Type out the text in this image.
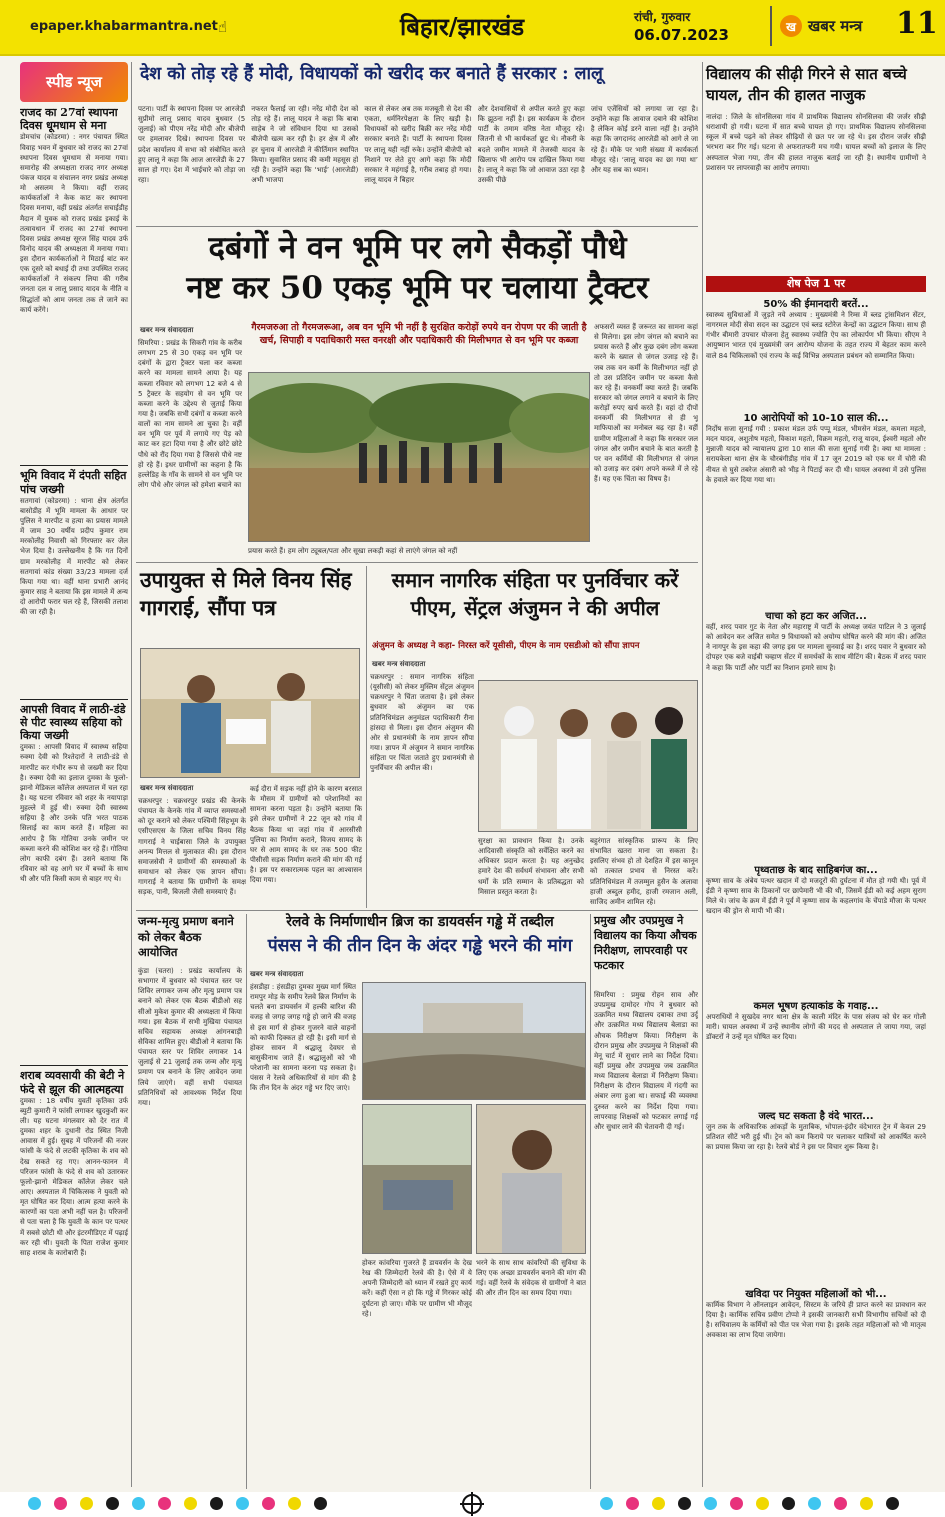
epaper.khabarmantra.net ☝	बिहार/झारखंड	रांची, गुरुवार
06.07.2023	ख खबर मन्त्र 11
स्पीड न्यूज
राजद का 27वां स्थापना दिवस धूमधाम से मना
डोमचांच (कोडरमा) : नगर पंचायत स्थित विवाह भवन में बुधवार को राजद का 27वां स्थापना दिवस धूमधाम से मनाया गया। समारोह की अध्यक्षता राजद नगर अध्यक्ष पंकज यादव व संचालन नगर प्रखंड अध्यक्ष मो असलम ने किया। वहीं राजद कार्यकर्ताओं ने केक काट कर स्थापना दिवस मनाया, वहीं प्रखंड अंतर्गत सचाईडीह मैदान में युवक को राजद प्रखंड इकाई के तत्वावधान में राजद का 27वां स्थापना दिवस प्रखंड अध्यक्ष सूरज सिंह यादव उर्फ विनोद यादव की अध्यक्षता में मनाया गया। इस दौरान कार्यकर्ताओं ने मिठाई बांट कर एक दूसरे को बधाई दी तथा उपस्थित राजद कार्यकर्ताओं ने संकल्प लिया की गरीब जनता दल व लालू प्रसाद यादव के नीति व सिद्धांतों को आम जनता तक ले जाने का कार्य करेंगे।
भूमि विवाद में दंपती सहित पांच जख्मी
सतगावां (कोडरमा) : थाना क्षेत्र अंतर्गत बासोडीह में भूमि मामला के आधार पर पुलिस ने मारपीट व हत्या का प्रयास मामले में जाम 30 वर्षीय प्रदीप कुमार राम मरकोलीह निवासी को गिरफ्तार कर जेल भेज दिया है। उल्लेखनीय है कि गत दिनों ग्राम मरकोलीह में मारपीट को लेकर सतगावां कांड संख्या 33/23 मामला दर्ज किया गया था। वहीं थाना प्रभारी आनंद कुमार साह ने बताया कि इस मामले में अन्य दो आरोपी फरार चल रहे हैं, जिसकी तलाश की जा रही है।
आपसी विवाद में लाठी-डंडे से पीट स्वास्थ्य सहिया को किया जख्मी
दुमका : आपसी विवाद में स्वास्थ्य सहिया रुक्मा देवी को रिश्तेदारों ने लाठी-डंडे से मारपीट कर गंभीर रूप से जख्मी कर दिया है। रुक्मा देवी का इलाज दुमका के फूलो-झानो मेडिकल कॉलेज अस्पताल में चल रहा है। यह घटना रविवार को शहर के नयापाड़ा मुहल्ले में हुई थी। रुक्मा देवी स्वास्थ्य सहिया है और उनके पति भरत पाठक सिलाई का काम करते हैं। महिला का आरोप है कि गोतिया उनके जमीन पर कब्जा करने की कोशिश कर रहे हैं। गोतिया लोग काफी दबंग हैं। उसने बताया कि रविवार को वह आगे घर में बच्चों के साथ थी और पति किसी काम से बाहर गए थे।
शराब व्यवसायी की बेटी ने फंदे से झूल की आत्महत्या
दुमका : 18 वर्षीय युवती कृतिका उर्फ ब्युटी कुमारी ने फांसी लगाकर खुदकुशी कर ली। यह घटना मंगलवार को देर रात में दुमका शहर के दुधानी रोड स्थित निजी आवास में हुई। सुबह में परिजनों की नजर फांसी के फंदे से लटकी कृतिका के शव को देख सकते रह गए। आनन-फानन में परिजन फांसी के फंदे से शव को उतारकर फूलो-झानो मेडिकल कॉलेज लेकर चले आए। अस्पताल में चिकित्सक ने युवती को मृत घोषित कर दिया। आत्म हत्या करने के कारणों का पता अभी नहीं चल है। परिजनों से पता चला है कि युवती के कान पर पत्थर में सबसे छोटी थी और इंटरमीडिएट में पढ़ाई कर रही थी। युवती के पिता राजेश कुमार साह शराब के कारोबारी हैं।
देश को तोड़ रहे हैं मोदी, विधायकों को खरीद कर बनाते हैं सरकार : लालू
पटना। पार्टी के स्थापना दिवस पर आरजेडी सुप्रीमो लालू प्रसाद यादव बुधवार (5 जुलाई) को पीएम नरेंद्र मोदी और बीजेपी पर हमलावर दिखे। स्थापना दिवस पर प्रदेश कार्यालय में सभा को संबोधित करते हुए लालू ने कहा कि आज आरजेडी के 27 साल हो गए। देश में भाईचारे को तोड़ा जा रहा।
नफरत फैलाई जा रही। नरेंद्र मोदी देश को तोड़ रहे हैं। लालू यादव ने कहा कि बाबा साहेब ने जो संविधान दिया था उसको बीजेपी खत्म कर रही है। हर क्षेत्र में और हर चुनाव में आरजेडी ने कीर्तिमान स्थापित किया। सुवासित प्रसाद की कमी महसूस हो रही है। उन्होंने कहा कि ‘भाई’ (आरजेडी) अभी भाजपा
काल से लेकर अब तक मजबूती से देश की एकता, धर्मनिरपेक्षता के लिए खड़ी है। विधायकों को खरीद बिक्री कर नरेंद्र मोदी सरकार बनाते हैं। पार्टी के स्थापना दिवस पर लालू यही नहीं रुके। उन्होंने बीजेपी को निशाने पर लेते हुए आगे कहा कि मोदी सरकार ने महंगाई है, गरीब तबाह हो गया। लालू यादव ने बिहार
और देशवासियों से अपील करते हुए कहा कि झूठना नहीं है। इस कार्यक्रम के दौरान पार्टी के तमाम वरिष्ठ नेता मौजूद रहे। जितनी से भी कार्यकर्ता छूट थे। नौकरी के बदले जमीन मामले में तेजस्वी यादव के खिलाफ भी आरोप पत्र दाखिल किया गया है। लालू ने कहा कि जो आवाज उठा रहा है उसकी पीछे
जांच एजेंसियों को लगाया जा रहा है। उन्होंने कहा कि आवाज दबाने की कोशिश है लेकिन कोई डरने वाला नहीं है। उन्होंने कहा कि जगदानंद आरजेडी को आगे ले जा रहे हैं। मौके पर भारी संख्या में कार्यकर्ता मौजूद रहे। ‘लालू यादव का छा गया था’ और यह सब का ध्यान।
दबंगों ने वन भूमि पर लगे सैकड़ों पौधे
नष्ट कर 50 एकड़ भूमि पर चलाया ट्रैक्टर
खबर मन्त्र संवाददाता
सिमरिया : प्रखंड के सिकरी गांव के करीब लगभग 25 से 30 एकड़ वन भूमि पर दबंगों के द्वारा ट्रैक्टर चला कर कब्जा करने का मामला सामने आया है। यह कब्जा रविवार को लगभग 12 बजे 4 से 5 ट्रैक्टर के सहयोग से वन भूमि पर कब्जा करने के उद्देश्य से जुताई किया गया है। जबकि सभी दबंगों व कब्जा करने वालों का नाम सामने आ चुका है। वहीं वन भूमि पर पूर्व में लगाये गए पेड़ को काट कर हटा दिया गया है और छोटे छोटे पौधे को रौंद दिया गया है जिससे पौधे नष्ट हो रहे हैं। इधर ग्रामीणों का कहना है कि हल्लेडिह के गाँव के सामने से वन भूमि पर लोग पौधे और जंगल को हमेशा बचाने का
गैरमजरुआ तो गैरमजरूआ, अब वन भूमि भी नहीं है सुरक्षित करोड़ों रुपये वन रोपण पर की जाती है खर्च, सिपाही व पदाधिकारी मस्त वनरक्षी और पदाधिकारी की मिलीभगत से वन भूमि पर कब्जा
प्रयास करते हैं। हम लोग ट्यूबल/पता और सूखा लकड़ी कहां से लाएंगे जंगल को नहीं
अफसरों व्यस्त हैं जरूरत का सामना कहां से मिलेगा। इस लोग जंगल को बचाने का प्रयास करते हैं और कुछ दबंग लोग कब्जा करने के ख्याल से जंगल उजाड़ रहे हैं। जब तक वन कर्मी के मिलीभगत नहीं हो तो उस प्रतिदिन जमीन पर कब्जा कैसे कर रहे हैं। वनकर्मी क्या करते हैं। जबकि सरकार को जंगल लगाने व बचाने के लिए करोड़ों रुपए खर्च करते हैं। वहां दो दीपों वनकर्मी की मिलीभगत से ही भू माफियाओं का मनोबल बढ़ रहा है। वहीं ग्रामीण महिलाओं ने कहा कि सरकार जल जंगल और जमीन बचाने के बात करती है पर वन कर्मियों की मिलीभगत से जंगल को उजाड़ कर दबंग अपने कब्जे में ले रहे हैं। यह एक चिंता का विषय है।
उपायुक्त से मिले विनय सिंह गागराई, सौंपा पत्र
खबर मन्त्र संवाददाता
चक्रधरपुर : चक्रधरपुर प्रखंड की केनके पंचायत के केनके गांव में व्याप्त समस्याओं को दूर कराने को लेकर पश्चिमी सिंहभूम के एसीएसएस के जिला सचिव विनय सिंह गागराई ने चाईबासा जिले के उपायुक्त अनन्य मित्तल से मुलाकात की। इस दौरान समाजसेवी ने ग्रामीणों की समस्याओं के समाधान को लेकर एक ज्ञापन सौंपा। गागराई ने बताया कि ग्रामीणों के समक्ष सड़क, पानी, बिजली जैसी समस्याएं हैं।
कई दौरा में सड़क नहीं होने के कारण बरसात के मौसम में ग्रामीणों को परेशानियों का सामना करना पड़ता है। उन्होंने बताया कि इसे लेकर ग्रामीणों ने 22 जून को गांव में बैठक किया था जहां गांव में आरसीसी पुलिया का निर्माण कराने, विजय सामद के घर से आम सामद के घर तक 500 फीट पीसीसी सड़क निर्माण कराने की मांग की गई है। इस पर सकारात्मक पहल का आश्वासन दिया गया।
समान नागरिक संहिता पर पुनर्विचार करें पीएम, सेंट्रल अंजुमन ने की अपील
अंजुमन के अध्यक्ष ने कहा- निरस्त करें यूसीसी, पीएम के नाम एसडीओ को सौंपा ज्ञापन
खबर मन्त्र संवाददाता
चक्रधरपुर : समान नागरिक संहिता (यूसीसी) को लेकर मुस्लिम सेंट्रल अंजुमन चक्रधरपुर ने चिंता जताया है। इसे लेकर बुधवार को अंजुमन का एक प्रतिनिधिमंडल अनुमंडल पदाधिकारी रीना हांसदा से मिला। इस दौरान अंजुमन की ओर से प्रधानमंत्री के नाम ज्ञापन सौंपा गया। ज्ञापन में अंजुमन ने समान नागरिक संहिता पर चिंता जताते हुए प्रधानमंत्री से पुनर्विचार की अपील की।
सुरक्षा का प्रावधान किया है। उनके आदिवासी संस्कृति को सर्वेक्षित करने का अधिकार प्रदान करता है। यह अनुच्छेद हमारे देश की सर्वधर्म संभावना और सभी धर्मों के प्रति सम्मान के प्रतिबद्धता को मिसाल प्रस्तुत करता है।
बहुरंगात सांस्कृतिक प्रारूप के लिए संभावित खतरा माना जा सकता है। इसलिए संभव हो तो देशहित में इस कानून को तत्काल प्रभाव से निरस्त करें। प्रतिनिधिमंडल में तजम्मुल हुसैन के अलावा हाजी अब्दुल हमीद, हाजी रमजान अली, साजिद अमीन शामिल रहे।
जन्म-मृत्यु प्रमाण बनाने को लेकर बैठक आयोजित
कुंडा (चतरा) : प्रखंड कार्यालय के सभागार में बुधवार को पंचायत स्तर पर शिविर लगाकर जन्म और मृत्यु प्रमाण पत्र बनाने को लेकर एक बैठक बीडीओ सह सीओ मुकेश कुमार की अध्यक्षता में किया गया। इस बैठक में सभी मुखिया पंचायत सचिव सहायक अध्यक्ष आंगनबाड़ी सेविका शामिल हुए। बीडीओ ने बताया कि पंचायत स्तर पर शिविर लगाकर 14 जुलाई से 21 जुलाई तक जन्म और मृत्यु प्रमाण पत्र बनाने के लिए आवेदन जमा लिये जाएंगे। वहीं सभी पंचायत प्रतिनिधियों को आवश्यक निर्देश दिया गया।
रेलवे के निर्माणाधीन ब्रिज का डायवर्सन गड्ढे में तब्दील
पंसस ने की तीन दिन के अंदर गड्ढे भरने की मांग
खबर मन्त्र संवाददाता
हंसडीहा : हंसडीहा दुमका मुख्य मार्ग स्थित रामपुर मोड़ के समीप रेलवे ब्रिज निर्माण के चलते बना डायवर्सन में हल्की बारिश की वजह से जगह जगह गड्ढे हो जाने की वजह से इस मार्ग से होकर गुजरने वाले वाहनों को काफी दिक्कत हो रही है। इसी मार्ग से होकर सावन में श्रद्धालु देवघर से बासुकीनाथ जाते हैं। श्रद्धालुओं को भी परेशानी का सामना करना पड़ सकता है। पंसस ने रेलवे अधिकारियों से मांग की है कि तीन दिन के अंदर गड्ढे भर दिए जाएं।
होकर कांवरिया गुजरते हैं डायवर्सन के देख रेख की जिम्मेदारी रेलवे की है। ऐसे में ये अपनी जिम्मेदारी को ध्यान में रखते हुए कार्य करें। कहीं ऐसा न हो कि गड्ढे में गिरकर कोई दुर्घटना हो जाए। मौके पर ग्रामीण भी मौजूद रहे।
भरने के साथ साथ कांवरियों की सुविधा के लिए एक अच्छा डायवर्सन बनाने की मांग की गई। वहीं रेलवे के संवेदक से ग्रामीणों ने बात की और तीन दिन का समय दिया गया।
प्रमुख और उपप्रमुख ने विद्यालय का किया औचक निरीक्षण, लापरवाही पर फटकार
सिमरिया : प्रमुख रोहन साव और उपप्रमुख दामोदर गोप ने बुधवार को उत्क्रमित मध्य विद्यालय दबाका तथा उर्दू और उत्क्रमित मध्य विद्यालय बेलाडा का औचक निरीक्षण किया। निरीक्षण के दौरान प्रमुख और उपप्रमुख ने शिक्षकों की मेनू चार्ट में सुधार लाने का निर्देश दिया। वहीं प्रमुख और उपप्रमुख जब उत्क्रमित मध्य विद्यालय बेलाडा में निरीक्षण किया। निरीक्षण के दौरान विद्यालय में गंदगी का अंबार लगा हुआ था। सफाई की व्यवस्था दुरुस्त करने का निर्देश दिया गया। लापरवाह शिक्षकों को फटकार लगाई गई और सुधार लाने की चेतावनी दी गई।
विद्यालय की सीढ़ी गिरने से सात बच्चे घायल, तीन की हालत नाजुक
नालंदा : जिले के सोनसिलवा गांव में प्राथमिक विद्यालय सोनसिलवा की जर्जर सीढ़ी धराशायी हो गयी। घटना में सात बच्चे घायल हो गए। प्राथमिक विद्यालय सोनसिलवा स्कूल में बच्चे पढ़ने को लेकर सीढ़ियों से छत पर जा रहे थे। इस दौरान जर्जर सीढ़ी भरभरा कर गिर गई। घटना से अफरातफरी मच गयी। घायल बच्चों को इलाज के लिए अस्पताल भेजा गया, तीन की हालत नाजुक बताई जा रही है। स्थानीय ग्रामीणों ने प्रशासन पर लापरवाही का आरोप लगाया।
शेष पेज 1 पर
50% की ईमानदारी बरतें...
स्वास्थ्य सुविधाओं में जुड़ते नये अध्याय : मुख्यमंत्री ने रिम्स में ब्लड ट्रांसमिशन सेंटर, नागरमल मोदी सेवा सदन का उद्घाटन एवं ब्लड स्टोरेज केन्द्रों का उद्घाटन किया। साथ ही गंभीर बीमारी उपचार योजना हेतु स्वास्थ्य ज्योति ऐप का लोकार्पण भी किया। सीएम ने आयुष्मान भारत एवं मुख्यमंत्री जन आरोग्य योजना के तहत राज्य में बेहतर काम करने वाले 84 चिकित्सकों एवं राज्य के कई विभिन्न अस्पताल प्रबंधन को सम्मानित किया।
10 आरोपियों को 10-10 साल की...
निर्दोष सजा सुनाई गयी : प्रकाश मंडल उर्फ पप्पू मंडल, भीमसेन मंडल, कमला महतो, मदन यादव, अशुतोष महतो, विकाश महतो, विक्रम महतो, राजू यादव, ईश्वरी महतो और मुन्नाजी यादव को न्यायालय द्वारा 10 साल की सजा सुनाई गयी है। क्या था मामला : सरायकेला थाना क्षेत्र के चौरबंगीडीह गांव में 17 जून 2019 को एक घर में चोरी की नीयत से घुसे तबरेज अंसारी को भीड़ ने पिटाई कर दी थी। घायल अवस्था में उसे पुलिस के हवाले कर दिया गया था।
चाचा को हटा कर अजित...
वहीं, शरद पवार गुट के नेता और महाराष्ट्र में पार्टी के अध्यक्ष जयंत पाटिल ने 3 जुलाई को आवेदन कर अजित समेत 9 विधायकों को अयोग्य घोषित करने की मांग की। अजित ने नागपुर के इस कहा की जगह इस पर मामला सुनवाई का है। शरद पवार ने बुधवार को दोपहर एक बजे वाईबी चव्हाण सेंटर में समर्थकों के साथ मीटिंग की। बैठक में शरद पवार ने कहा कि पार्टी और पार्टी का निशान हमारे साथ है।
पृथ्वताछ के बाद साहिबगंज का...
कृष्णा साव के अंबेय पत्थर खदान में दो मजदूरों की दुर्घटना में मौत हो गयी थी। पूर्व में ईडी ने कृष्णा साव के ठिकानों पर छापेमारी भी की थी, जिसमें ईडी को कई अहम सुराग मिले थे। जांच के क्रम में ईडी ने पूर्व में कृष्णा साव के कहलगांव के चेंपाडे मौजा के पत्थर खदान की ड्रोन से मापी भी की।
कमल भूषण हत्याकांड के गवाह...
अपराधियों ने सुखदेव नगर थाना क्षेत्र के काली मंदिर के पास संजय को घेर कर गोली मारी। घायल अवस्था में उन्हें स्थानीय लोगों की मदद से अस्पताल ले जाया गया, जहां डॉक्टरों ने उन्हें मृत घोषित कर दिया।
जल्द घट सकता है वंदे भारत...
जुन तक के अधिकारिक आंकड़ों के मुताबिक, भोपाल-इंदौर वंदेभारत ट्रेन में केवल 29 प्रतिशत सीटें भरी हुई थीं। ट्रेन को कम किराये पर चलाकर यात्रियों को आकर्षित करने का प्रयास किया जा रहा है। रेलवे बोर्ड ने इस पर विचार शुरू किया है।
खविदा पर नियुक्त महिलाओं को भी...
कार्मिक विभाग ने ऑनलाइन आवेदन, सिस्टम के जरिये ही प्राप्त करने का प्रावधान कर दिया है। कार्मिक सचिव प्रवीण टोप्पो ने इसकी जानकारी सभी विभागीय सचिवों को दी है। सचिवालय के कर्मियों को पीत पत्र भेजा गया है। इसके तहत महिलाओं को भी मातृत्व अवकाश का लाभ दिया जायेगा।
